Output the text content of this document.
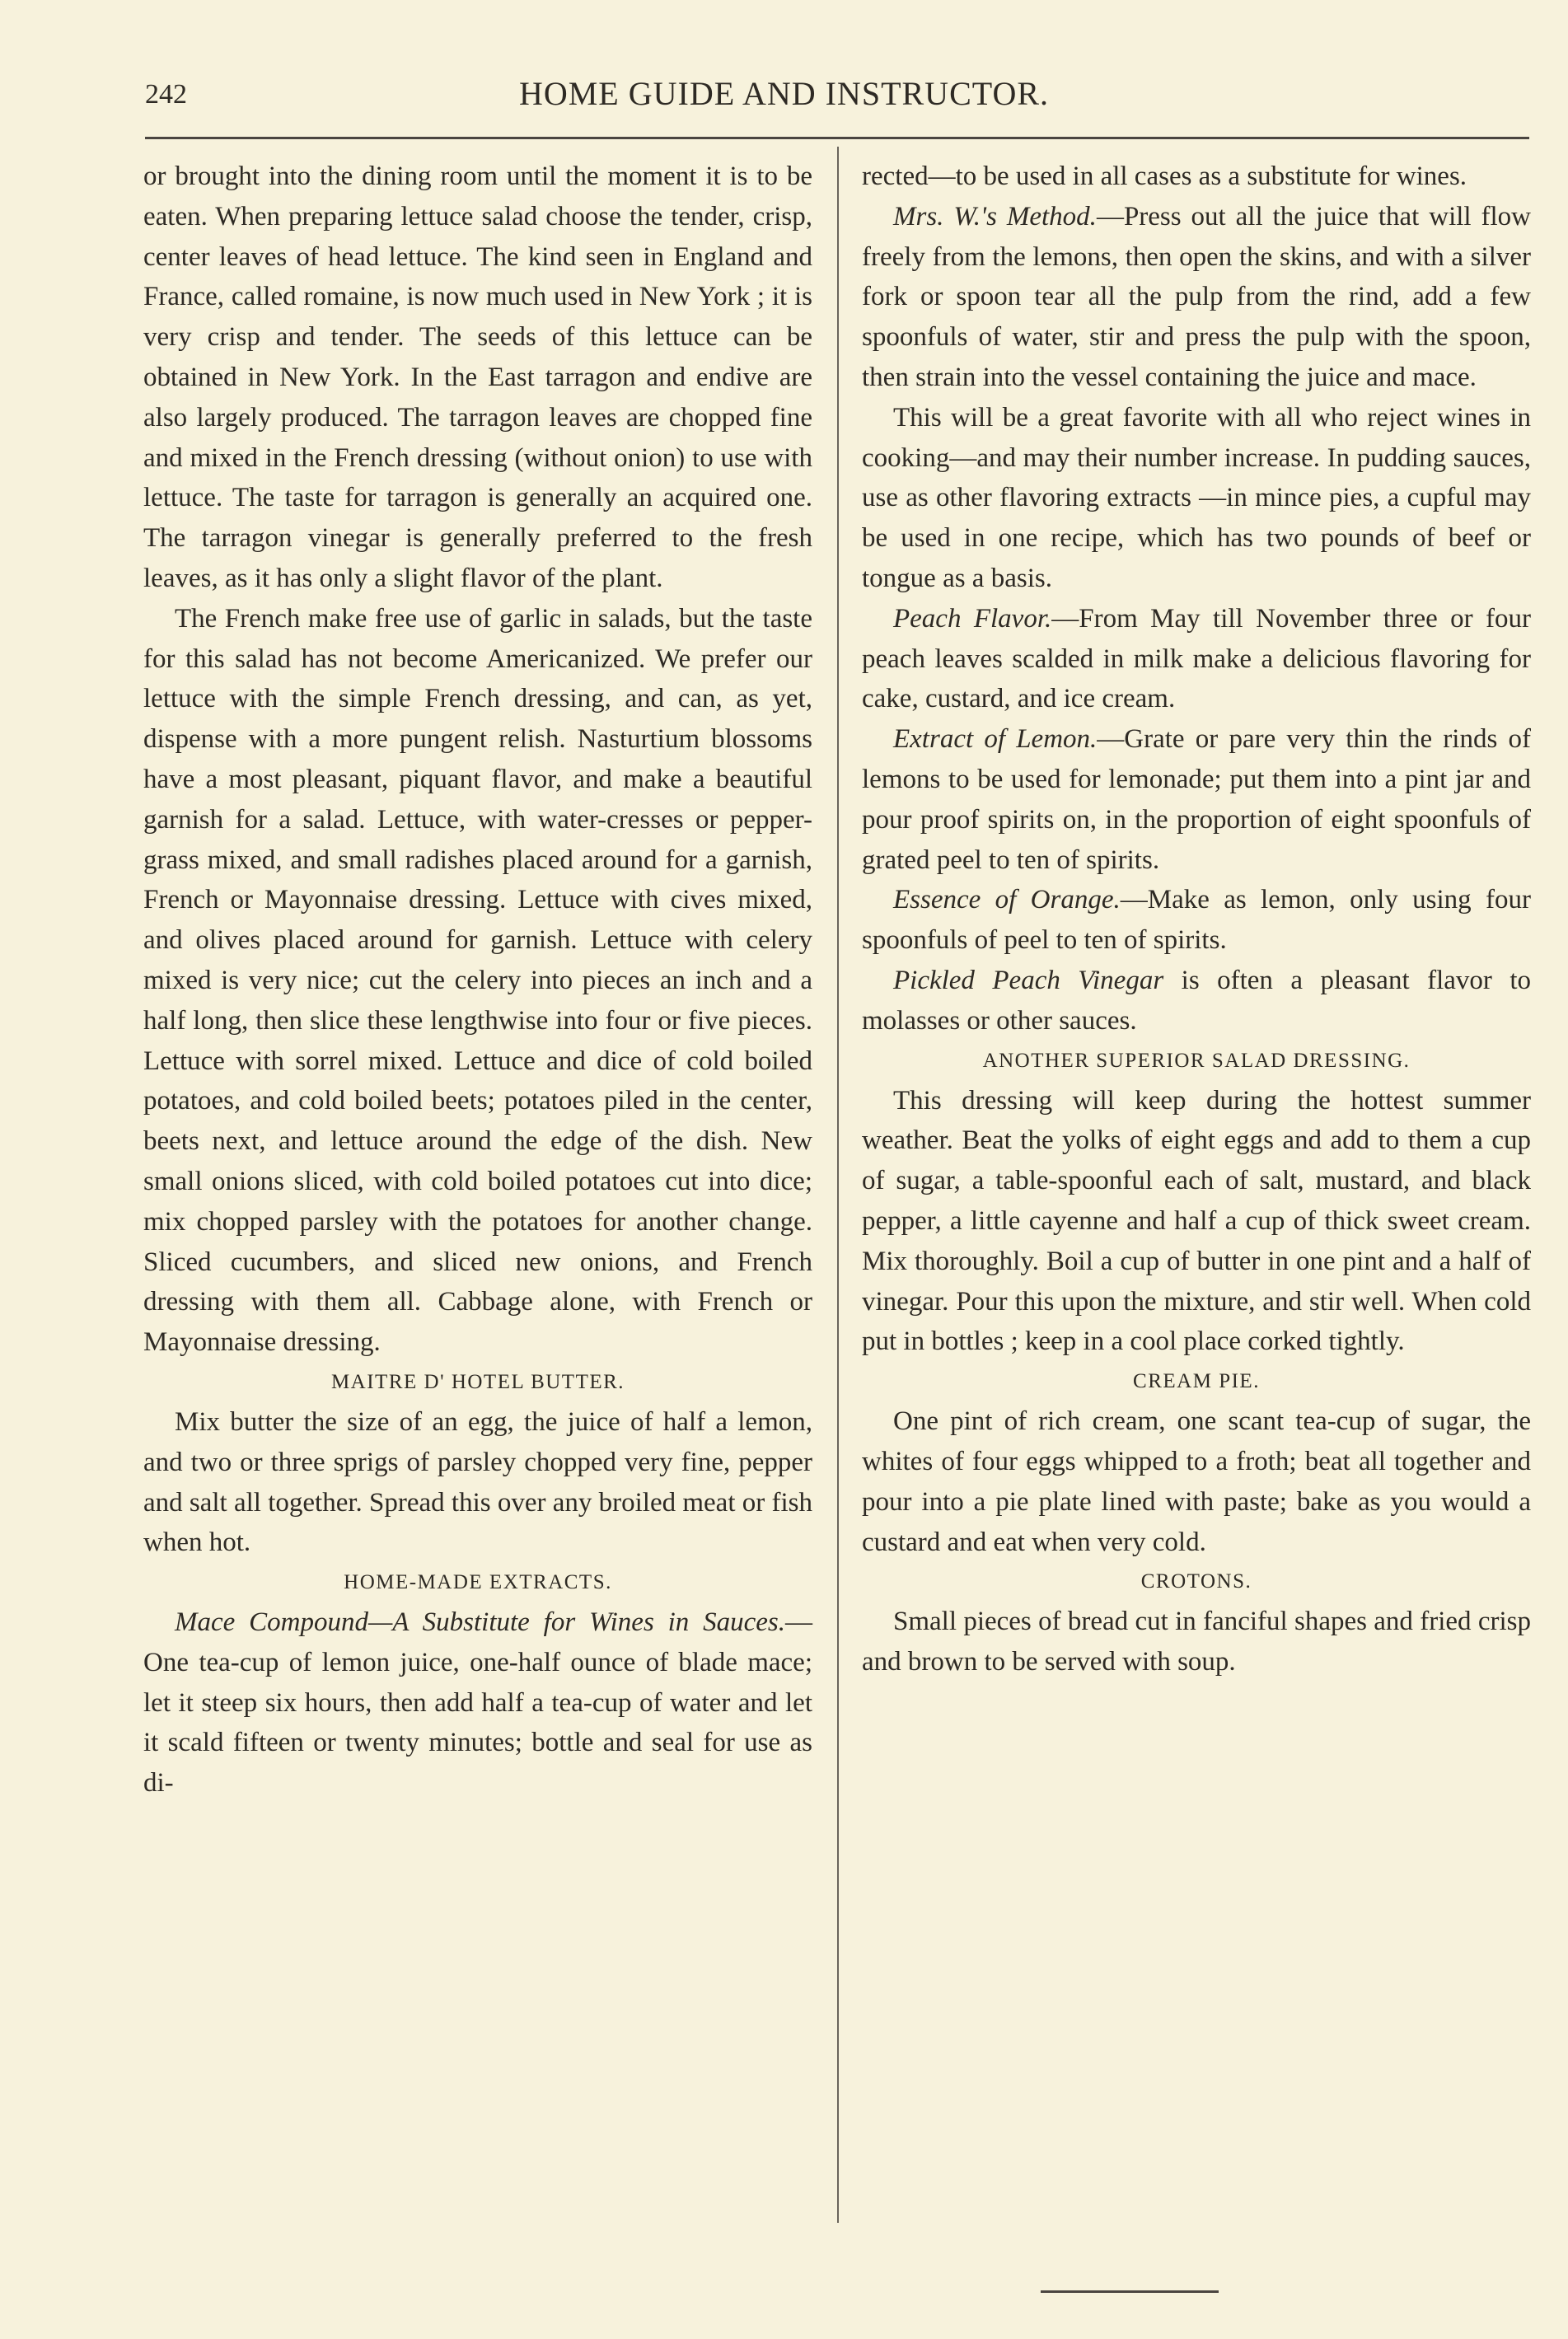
242	HOME GUIDE AND INSTRUCTOR.

or brought into the dining room until the moment it is to be eaten. When preparing lettuce salad choose the tender, crisp, center leaves of head lettuce. The kind seen in England and France, called romaine, is now much used in New York ; it is very crisp and tender. The seeds of this lettuce can be obtained in New York. In the East tarragon and endive are also largely produced. The tarragon leaves are chopped fine and mixed in the French dressing (without onion) to use with lettuce. The taste for tarragon is generally an acquired one. The tarragon vinegar is generally preferred to the fresh leaves, as it has only a slight flavor of the plant.

The French make free use of garlic in salads, but the taste for this salad has not become Americanized. We prefer our lettuce with the simple French dressing, and can, as yet, dispense with a more pungent relish. Nasturtium blossoms have a most pleasant, piquant flavor, and make a beautiful garnish for a salad. Lettuce, with water-cresses or pepper-grass mixed, and small radishes placed around for a garnish, French or Mayonnaise dressing. Lettuce with cives mixed, and olives placed around for garnish. Lettuce with celery mixed is very nice; cut the celery into pieces an inch and a half long, then slice these lengthwise into four or five pieces. Lettuce with sorrel mixed. Lettuce and dice of cold boiled potatoes, and cold boiled beets; potatoes piled in the center, beets next, and lettuce around the edge of the dish. New small onions sliced, with cold boiled potatoes cut into dice; mix chopped parsley with the potatoes for another change. Sliced cucumbers, and sliced new onions, and French dressing with them all. Cabbage alone, with French or Mayonnaise dressing.

MAITRE D' HOTEL BUTTER.

Mix butter the size of an egg, the juice of half a lemon, and two or three sprigs of parsley chopped very fine, pepper and salt all together. Spread this over any broiled meat or fish when hot.

HOME-MADE EXTRACTS.

Mace Compound—A Substitute for Wines in Sauces.—One tea-cup of lemon juice, one-half ounce of blade mace; let it steep six hours, then add half a tea-cup of water and let it scald fifteen or twenty minutes; bottle and seal for use as di-

rected—to be used in all cases as a substitute for wines.

Mrs. W.'s Method.—Press out all the juice that will flow freely from the lemons, then open the skins, and with a silver fork or spoon tear all the pulp from the rind, add a few spoonfuls of water, stir and press the pulp with the spoon, then strain into the vessel containing the juice and mace.

This will be a great favorite with all who reject wines in cooking—and may their number increase. In pudding sauces, use as other flavoring extracts —in mince pies, a cupful may be used in one recipe, which has two pounds of beef or tongue as a basis.

Peach Flavor.—From May till November three or four peach leaves scalded in milk make a delicious flavoring for cake, custard, and ice cream.

Extract of Lemon.—Grate or pare very thin the rinds of lemons to be used for lemonade; put them into a pint jar and pour proof spirits on, in the proportion of eight spoonfuls of grated peel to ten of spirits.

Essence of Orange.—Make as lemon, only using four spoonfuls of peel to ten of spirits.

Pickled Peach Vinegar is often a pleasant flavor to molasses or other sauces.

ANOTHER SUPERIOR SALAD DRESSING.

This dressing will keep during the hottest summer weather. Beat the yolks of eight eggs and add to them a cup of sugar, a table-spoonful each of salt, mustard, and black pepper, a little cayenne and half a cup of thick sweet cream. Mix thoroughly. Boil a cup of butter in one pint and a half of vinegar. Pour this upon the mixture, and stir well. When cold put in bottles ; keep in a cool place corked tightly.

CREAM PIE.

One pint of rich cream, one scant tea-cup of sugar, the whites of four eggs whipped to a froth; beat all together and pour into a pie plate lined with paste; bake as you would a custard and eat when very cold.

CROTONS.

Small pieces of bread cut in fanciful shapes and fried crisp and brown to be served with soup.
